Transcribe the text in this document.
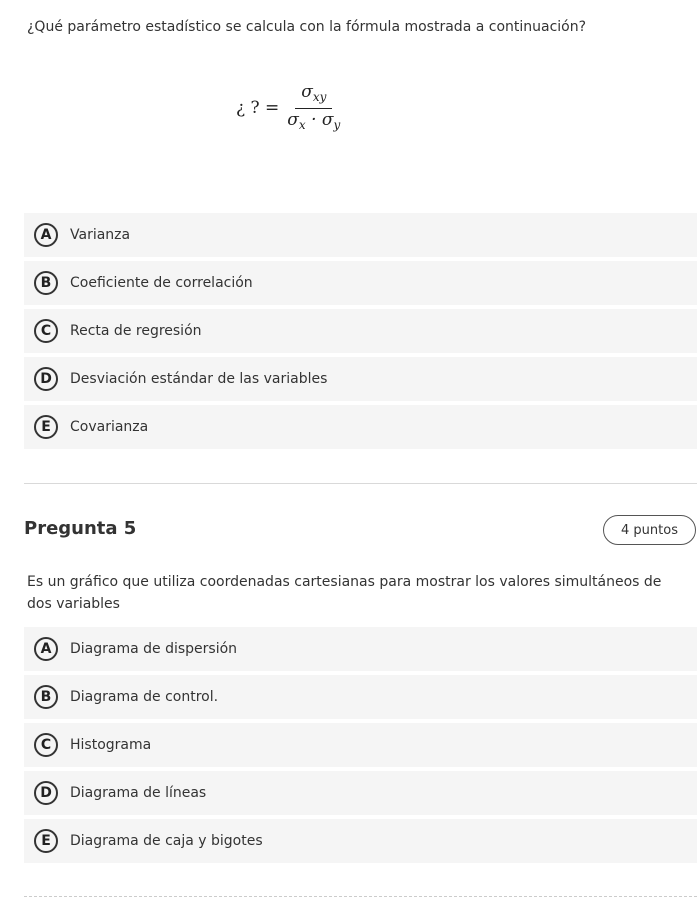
¿Qué parámetro estadístico se calcula con la fórmula mostrada a continuación?
¿ ? = $\frac{\sigma_{xy}}{\sigma_x \cdot \sigma_y}$
A	Varianza
B	Coeficiente de correlación
C	Recta de regresión
D	Desviación estándar de las variables
E	Covarianza
Pregunta 5	4 puntos
Es un gráfico que utiliza coordenadas cartesianas para mostrar los valores simultáneos de dos variables
A	Diagrama de dispersión
B	Diagrama de control.
C	Histograma
D	Diagrama de líneas
E	Diagrama de caja y bigotes
